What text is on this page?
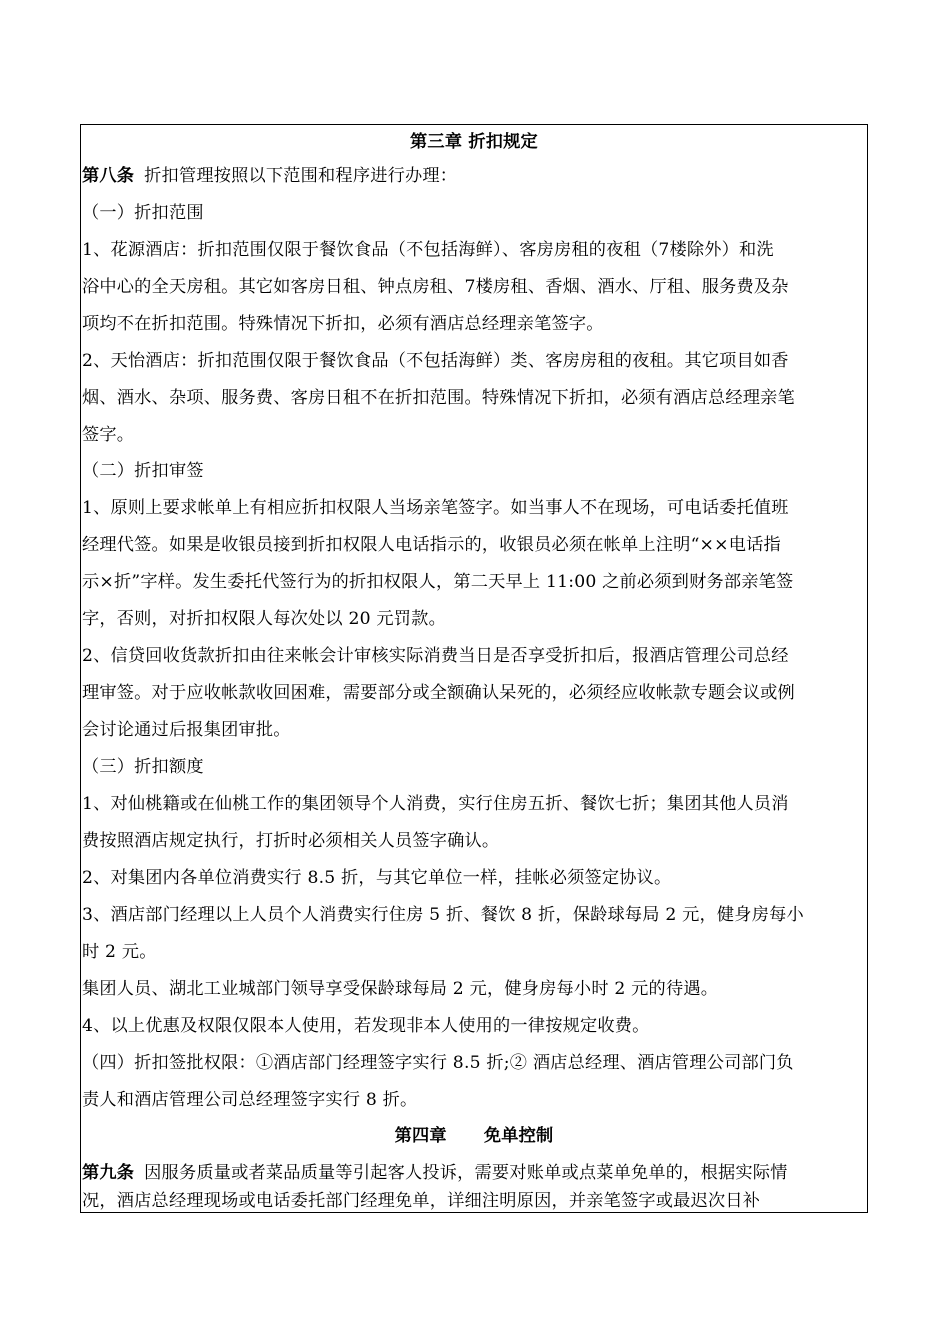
第三章 折扣规定
第八条 折扣管理按照以下范围和程序进行办理：
（一）折扣范围
1、花源酒店：折扣范围仅限于餐饮食品（不包括海鲜）、客房房租的夜租（7楼除外）和洗
浴中心的全天房租。其它如客房日租、钟点房租、7楼房租、香烟、酒水、厅租、服务费及杂
项均不在折扣范围。特殊情况下折扣，必须有酒店总经理亲笔签字。
2、天怡酒店：折扣范围仅限于餐饮食品（不包括海鲜）类、客房房租的夜租。其它项目如香
烟、酒水、杂项、服务费、客房日租不在折扣范围。特殊情况下折扣，必须有酒店总经理亲笔
签字。
（二）折扣审签
1、原则上要求帐单上有相应折扣权限人当场亲笔签字。如当事人不在现场，可电话委托值班
经理代签。如果是收银员接到折扣权限人电话指示的，收银员必须在帐单上注明“××电话指
示×折”字样。发生委托代签行为的折扣权限人，第二天早上 11:00 之前必须到财务部亲笔签
字，否则，对折扣权限人每次处以 20 元罚款。
2、信贷回收货款折扣由往来帐会计审核实际消费当日是否享受折扣后，报酒店管理公司总经
理审签。对于应收帐款收回困难，需要部分或全额确认呆死的，必须经应收帐款专题会议或例
会讨论通过后报集团审批。
（三）折扣额度
1、对仙桃籍或在仙桃工作的集团领导个人消费，实行住房五折、餐饮七折；集团其他人员消
费按照酒店规定执行，打折时必须相关人员签字确认。
2、对集团内各单位消费实行 8.5 折，与其它单位一样，挂帐必须签定协议。
3、酒店部门经理以上人员个人消费实行住房 5 折、餐饮 8 折，保龄球每局 2 元，健身房每小
时 2 元。
集团人员、湖北工业城部门领导享受保龄球每局 2 元，健身房每小时 2 元的待遇。
4、以上优惠及权限仅限本人使用，若发现非本人使用的一律按规定收费。
（四）折扣签批权限：①酒店部门经理签字实行 8.5 折;② 酒店总经理、酒店管理公司部门负
责人和酒店管理公司总经理签字实行 8 折。
第四章      免单控制
第九条 因服务质量或者菜品质量等引起客人投诉，需要对账单或点菜单免单的，根据实际情
况，酒店总经理现场或电话委托部门经理免单，详细注明原因，并亲笔签字或最迟次日补
